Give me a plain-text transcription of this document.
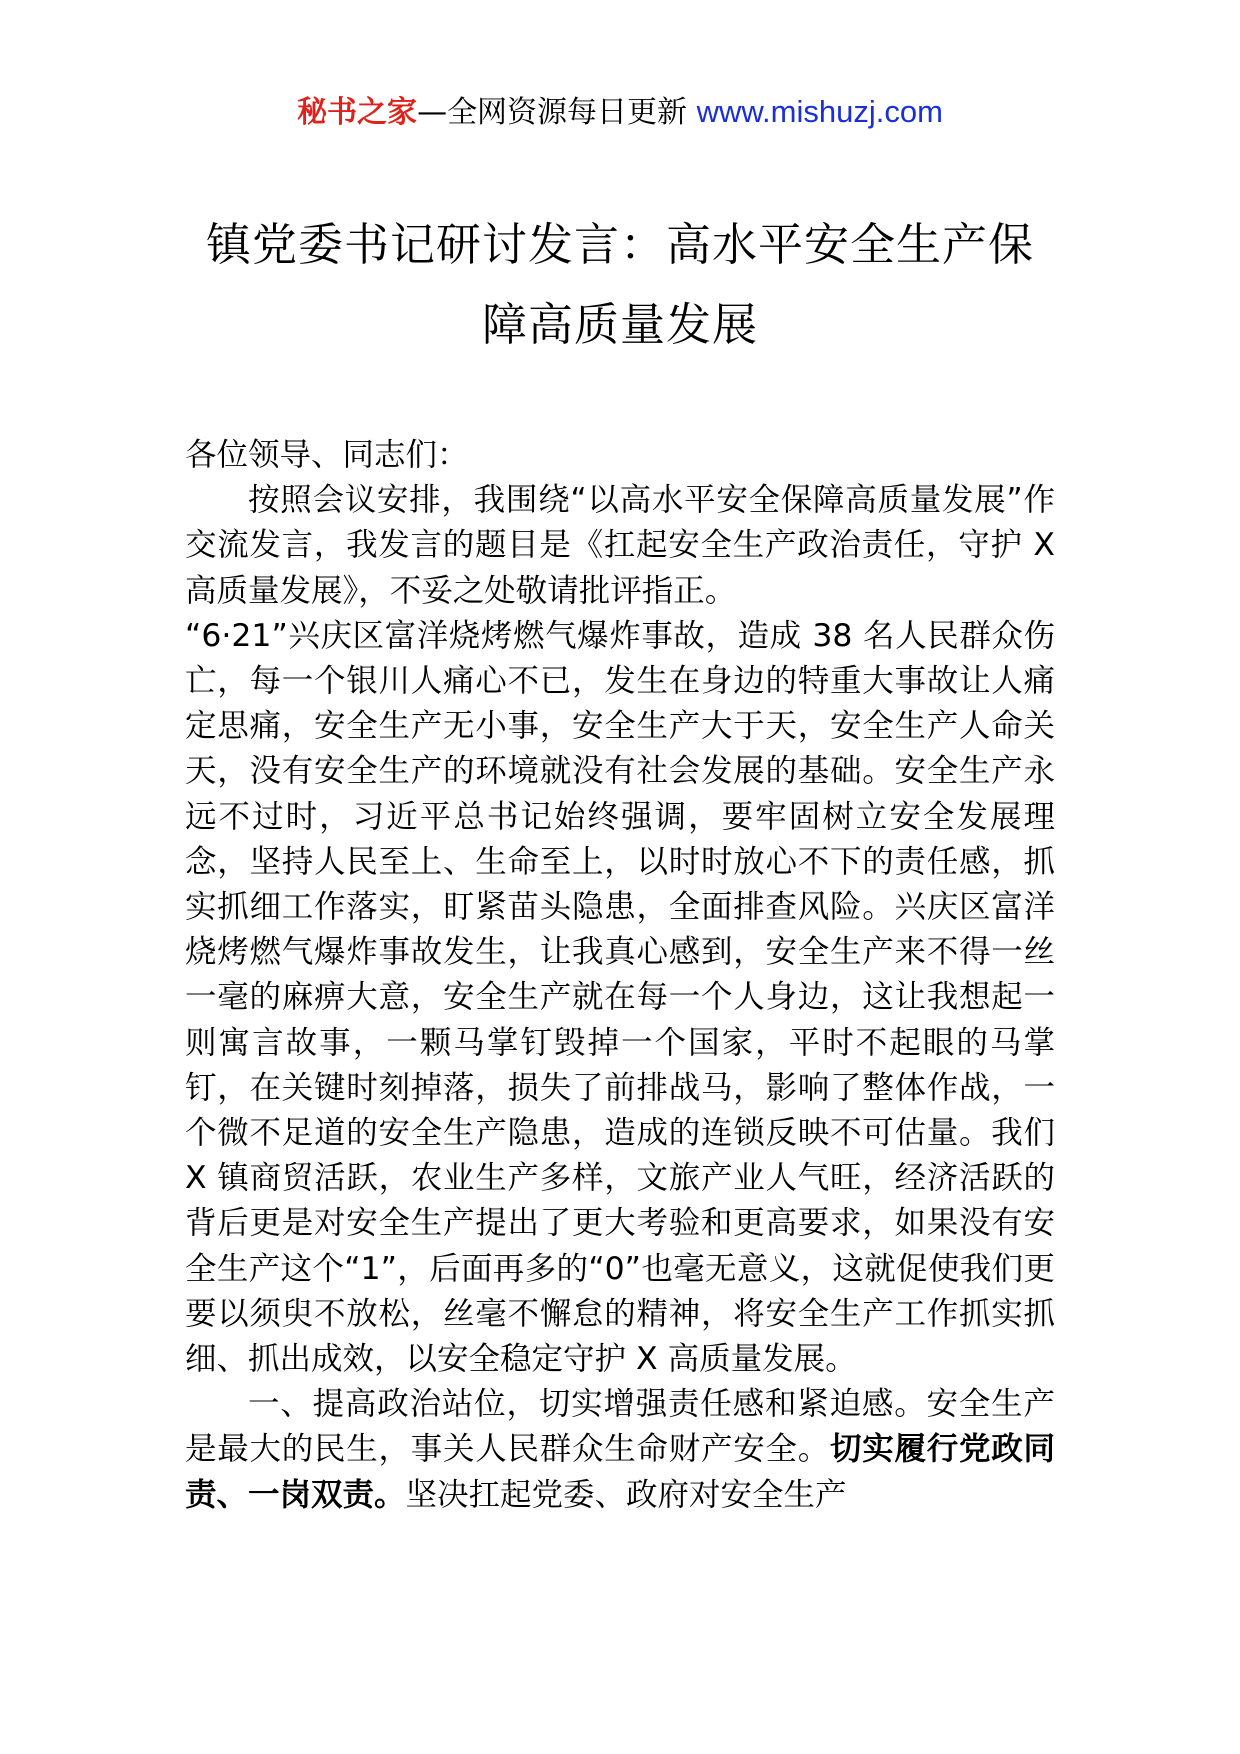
秘书之家—全网资源每日更新 www.mishuzj.com
镇党委书记研讨发言：高水平安全生产保
障高质量发展

各位领导、同志们：

按照会议安排，我围绕“以高水平安全保障高质量发展”作交流发言，我发言的题目是《扛起安全生产政治责任，守护 X 高质量发展》，不妥之处敬请批评指正。

“6·21”兴庆区富洋烧烤燃气爆炸事故，造成 38 名人民群众伤亡，每一个银川人痛心不已，发生在身边的特重大事故让人痛定思痛，安全生产无小事，安全生产大于天，安全生产人命关天，没有安全生产的环境就没有社会发展的基础。安全生产永远不过时，习近平总书记始终强调，要牢固树立安全发展理念，坚持人民至上、生命至上，以时时放心不下的责任感，抓实抓细工作落实，盯紧苗头隐患，全面排查风险。兴庆区富洋烧烤燃气爆炸事故发生，让我真心感到，安全生产来不得一丝一毫的麻痹大意，安全生产就在每一个人身边，这让我想起一则寓言故事，一颗马掌钉毁掉一个国家，平时不起眼的马掌钉，在关键时刻掉落，损失了前排战马，影响了整体作战，一个微不足道的安全生产隐患，造成的连锁反映不可估量。我们 X 镇商贸活跃，农业生产多样，文旅产业人气旺，经济活跃的背后更是对安全生产提出了更大考验和更高要求，如果没有安全生产这个“1”，后面再多的“0”也毫无意义，这就促使我们更要以须臾不放松，丝毫不懈怠的精神，将安全生产工作抓实抓细、抓出成效，以安全稳定守护 X 高质量发展。

一、提高政治站位，切实增强责任感和紧迫感。安全生产是最大的民生，事关人民群众生命财产安全。切实履行党政同责、一岗双责。坚决扛起党委、政府对安全生产
